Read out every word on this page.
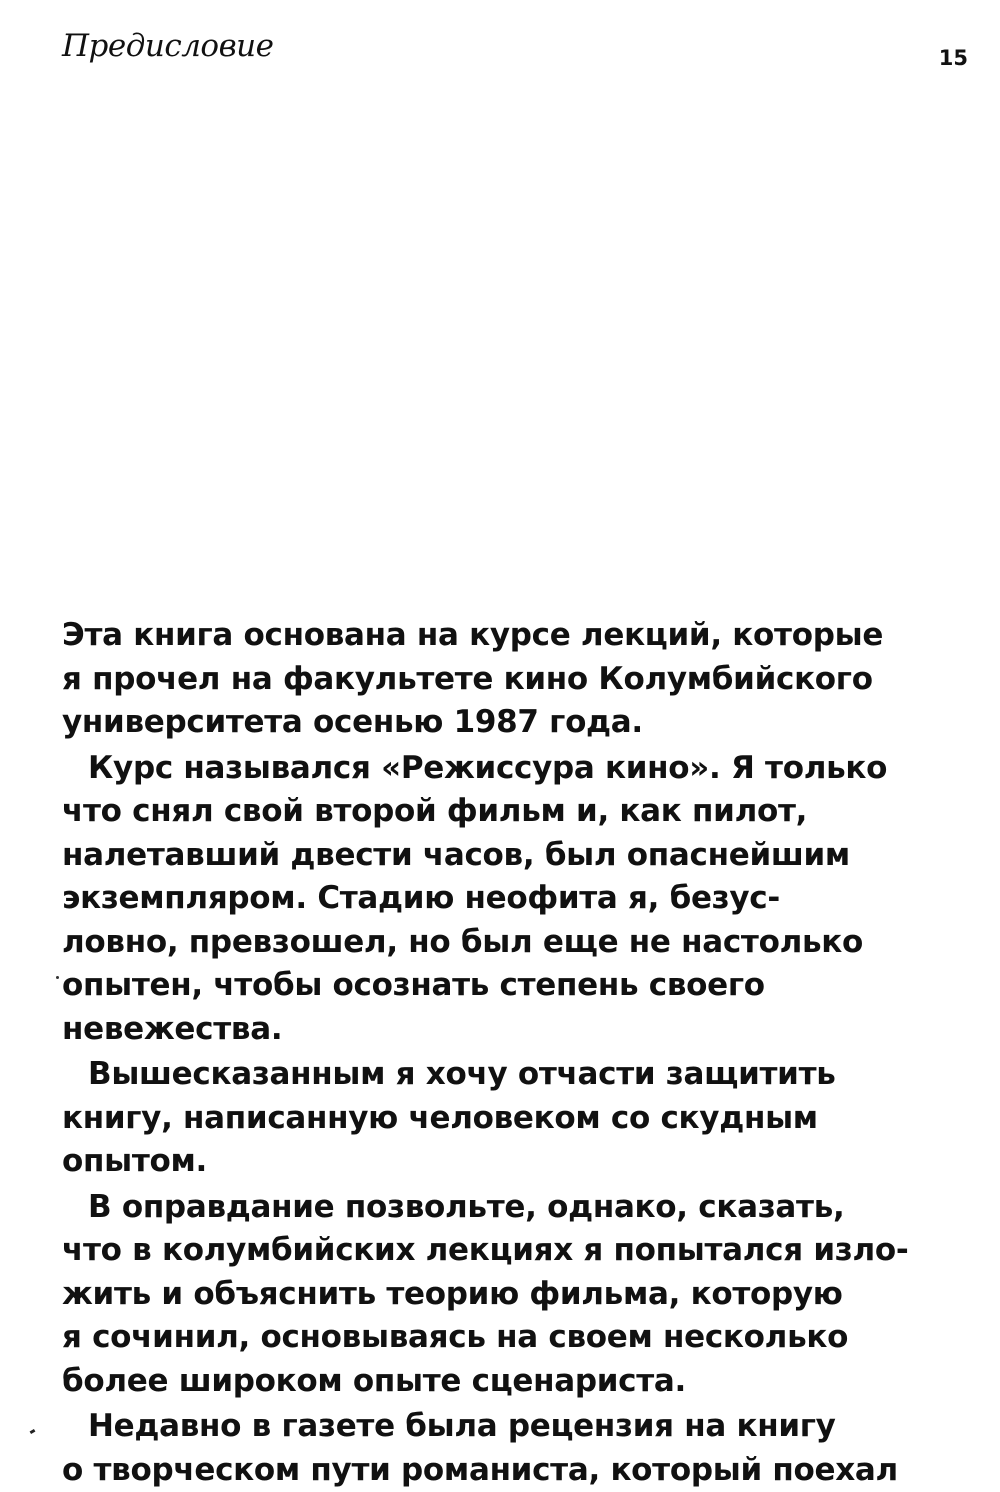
Предисловие	15

Эта книга основана на курсе лекций, которые
я прочел на факультете кино Колумбийского
университета осенью 1987 года.

Курс назывался «Режиссура кино». Я только
что снял свой второй фильм и, как пилот,
налетавший двести часов, был опаснейшим
экземпляром. Стадию неофита я, безус-
ловно, превзошел, но был еще не настолько
опытен, чтобы осознать степень своего
невежества.

Вышесказанным я хочу отчасти защитить
книгу, написанную человеком со скудным
опытом.

В оправдание позвольте, однако, сказать,
что в колумбийских лекциях я попытался изло-
жить и объяснить теорию фильма, которую
я сочинил, основываясь на своем несколько
более широком опыте сценариста.

Недавно в газете была рецензия на книгу
о творческом пути романиста, который поехал
